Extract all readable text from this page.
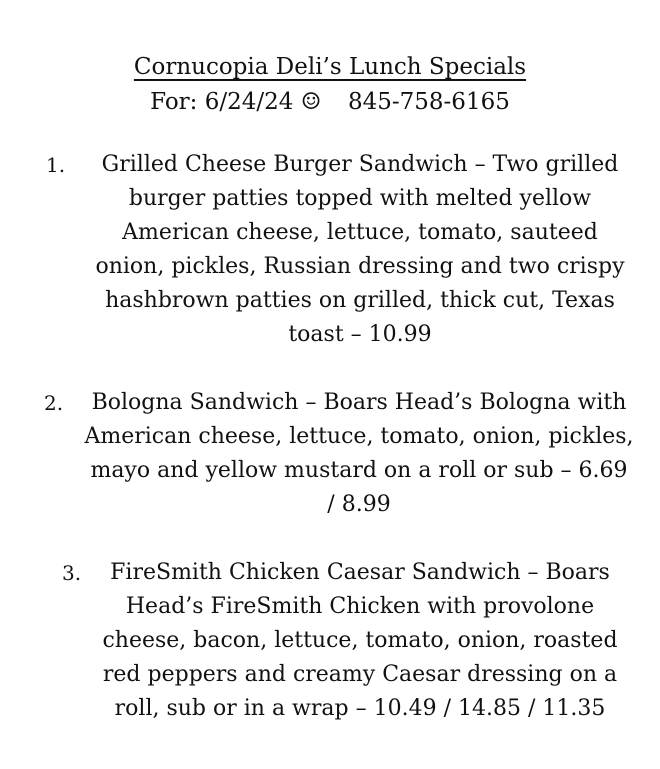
Cornucopia Deli’s Lunch Specials
For: 6/24/24 ☺ 845-758-6165
1.	Grilled Cheese Burger Sandwich – Two grilled burger patties topped with melted yellow American cheese, lettuce, tomato, sauteed onion, pickles, Russian dressing and two crispy hashbrown patties on grilled, thick cut, Texas toast – 10.99
2.	Bologna Sandwich – Boars Head’s Bologna with American cheese, lettuce, tomato, onion, pickles, mayo and yellow mustard on a roll or sub – 6.69 / 8.99
3.	FireSmith Chicken Caesar Sandwich – Boars Head’s FireSmith Chicken with provolone cheese, bacon, lettuce, tomato, onion, roasted red peppers and creamy Caesar dressing on a roll, sub or in a wrap – 10.49 / 14.85 / 11.35
